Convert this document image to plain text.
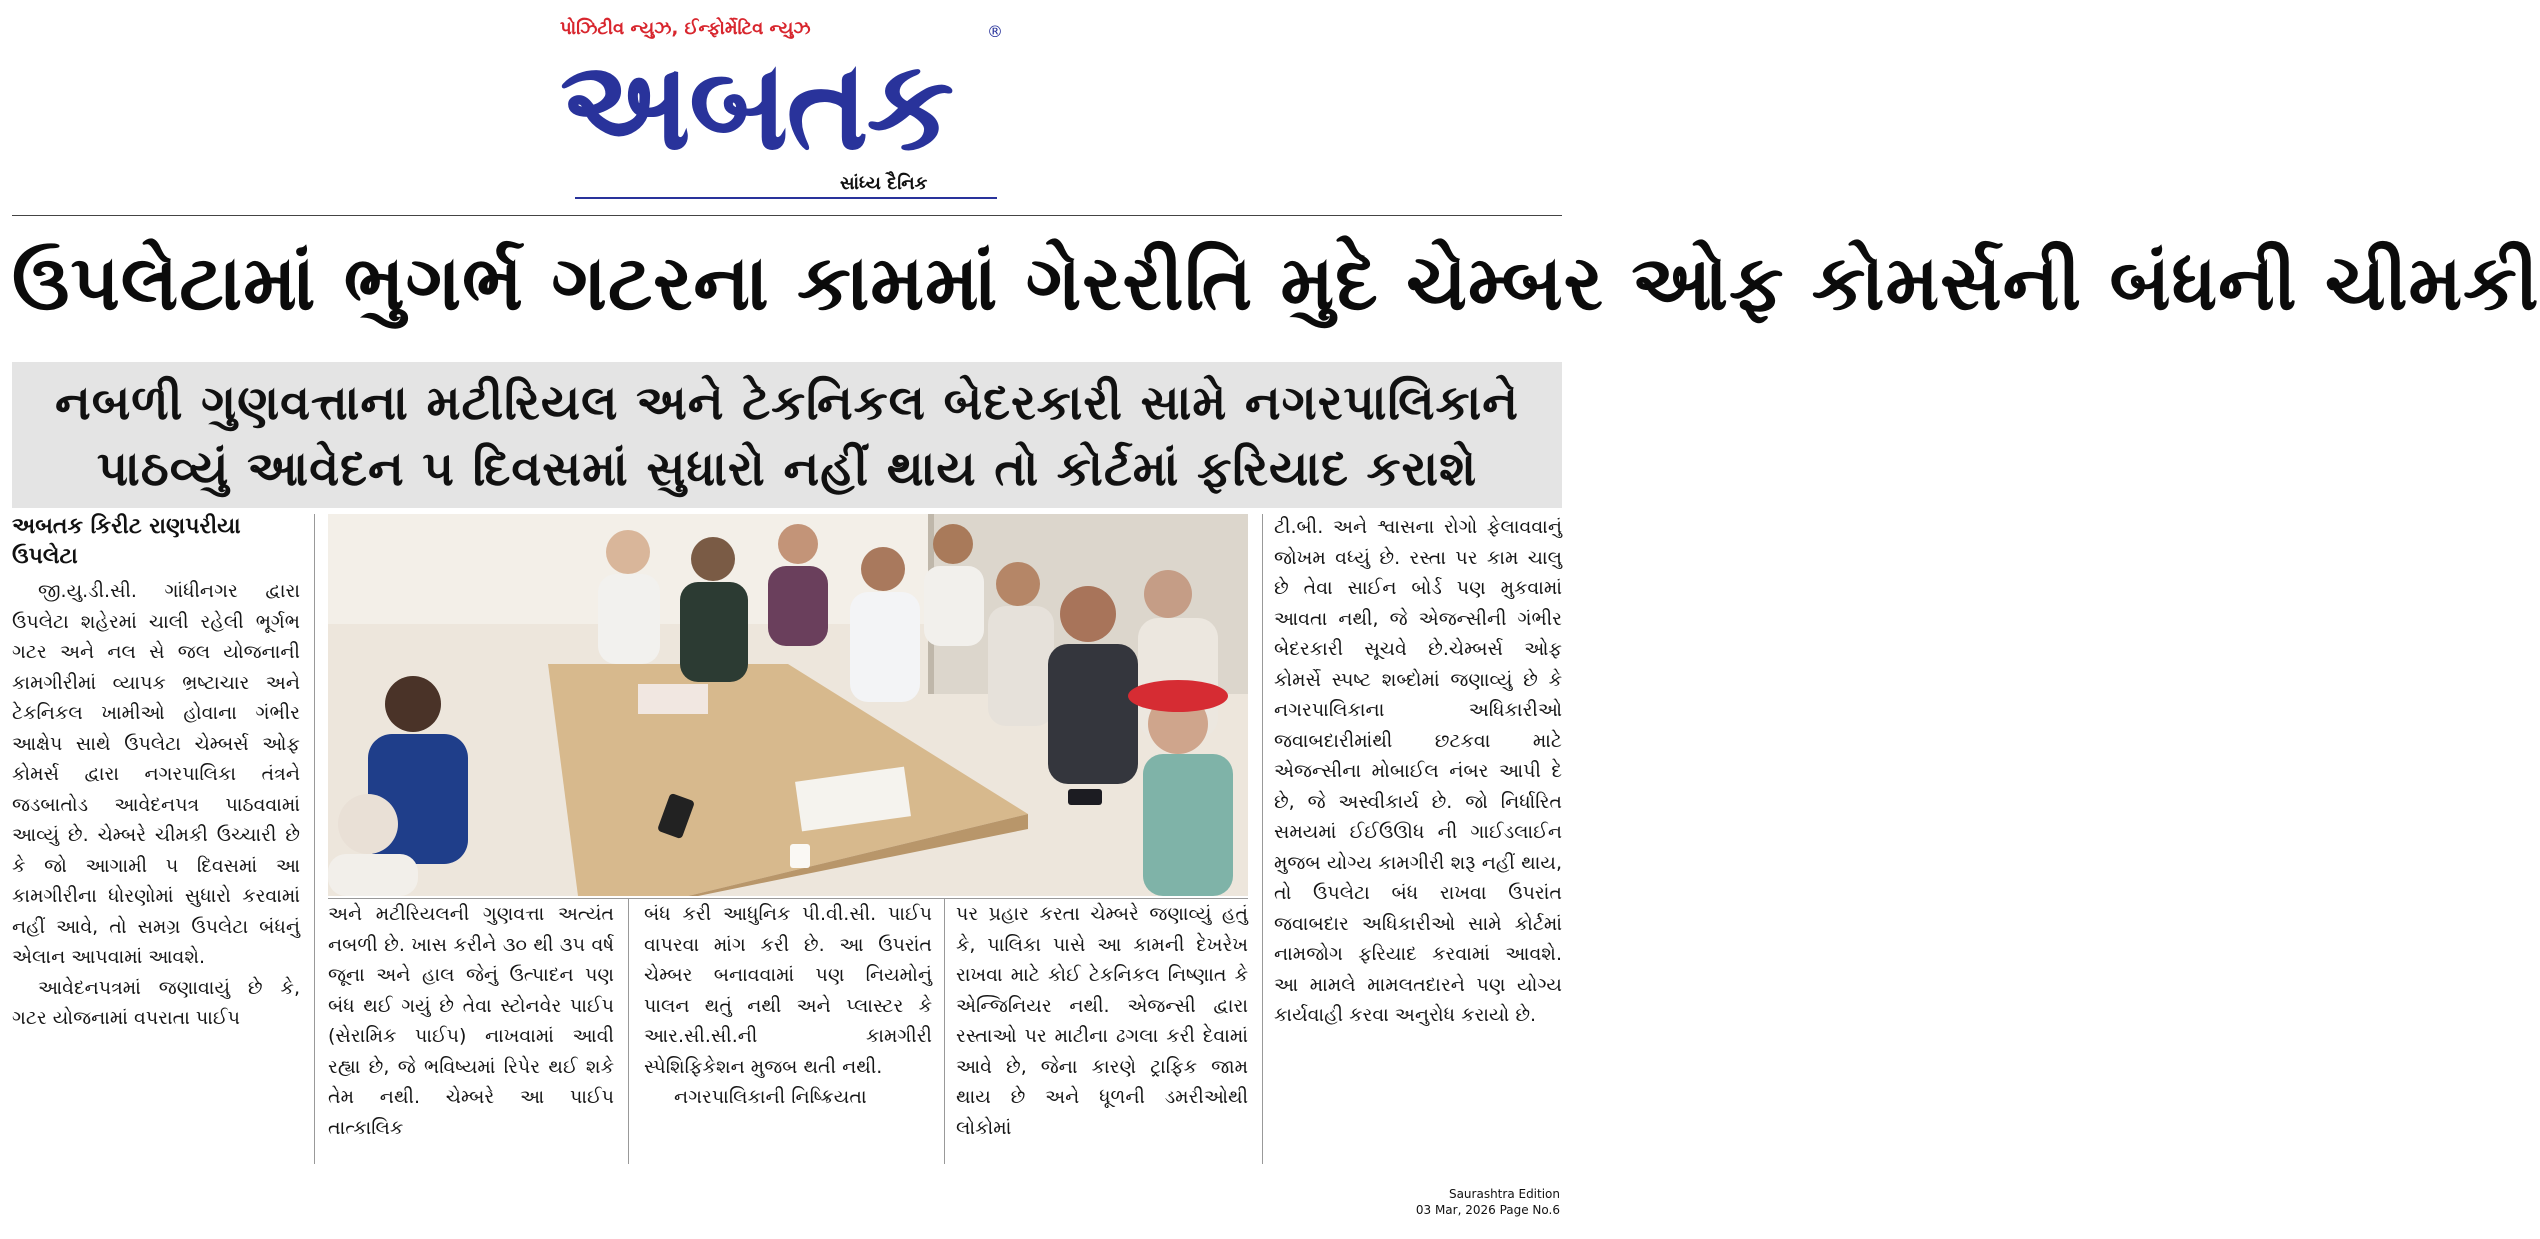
પોઝિટીવ ન્યુઝ, ઈન્ફોર્મેટિવ ન્યુઝ
અબતક
®
સાંધ્ય દૈનિક
ઉપલેટામાં ભુગર્ભ ગટરના કામમાં ગેરરીતિ મુદે ચેમ્બર ઓફ કોમર્સની બંધની ચીમકી
નબળી ગુણવત્તાના મટીરિયલ અને ટેકનિકલ બેદરકારી સામે નગરપાલિકાને
પાઠવ્યું આવેદન ૫ દિવસમાં સુધારો નહીં થાય તો કોર્ટમાં ફરિયાદ કરાશે
અબતક કિરીટ રાણપરીયા
ઉપલેટા

જી.યુ.ડી.સી. ગાંધીનગર દ્વારા ઉપલેટા શહેરમાં ચાલી રહેલી ભૂર્ગભ ગટર અને નલ સે જલ યોજનાની કામગીરીમાં વ્યાપક ભ્રષ્ટાચાર અને ટેકનિકલ ખામીઓ હોવાના ગંભીર આક્ષેપ સાથે ઉપલેટા ચેમ્બર્સ ઓફ કોમર્સ દ્વારા નગરપાલિકા તંત્રને જડબાતોડ આવેદનપત્ર પાઠવવામાં આવ્યું છે. ચેમ્બરે ચીમકી ઉચ્ચારી છે કે જો આગામી ૫ દિવસમાં આ કામગીરીના ધોરણોમાં સુધારો કરવામાં નહીં આવે, તો સમગ્ર ઉપલેટા બંધનું એલાન આપવામાં આવશે.

આવેદનપત્રમાં જણાવાયું છે કે, ગટર યોજનામાં વપરાતા પાઈપ

અને મટીરિયલની ગુણવત્તા અત્યંત નબળી છે. ખાસ કરીને ૩૦ થી ૩૫ વર્ષ જૂના અને હાલ જેનું ઉત્પાદન પણ બંધ થઈ ગયું છે તેવા સ્ટોનવેર પાઈપ (સેરામિક પાઈપ) નાખવામાં આવી રહ્યા છે, જે ભવિષ્યમાં રિપેર થઈ શકે તેમ નથી. ચેમ્બરે આ પાઈપ તાત્કાલિક

બંધ કરી આધુનિક પી.વી.સી. પાઈપ વાપરવા માંગ કરી છે. આ ઉપરાંત ચેમ્બર બનાવવામાં પણ નિયમોનું પાલન થતું નથી અને પ્લાસ્ટર કે આર.સી.સી.ની કામગીરી સ્પેશિફિકેશન મુજબ થતી નથી.

નગરપાલિકાની નિષ્ક્રિયતા

પર પ્રહાર કરતા ચેમ્બરે જણાવ્યું હતું કે, પાલિકા પાસે આ કામની દેખરેખ રાખવા માટે કોઈ ટેકનિકલ નિષ્ણાત કે એન્જિનિયર નથી. એજન્સી દ્વારા રસ્તાઓ પર માટીના ઢગલા કરી દેવામાં આવે છે, જેના કારણે ટ્રાફિક જામ થાય છે અને ધૂળની ડમરીઓથી લોકોમાં

ટી.બી. અને શ્વાસના રોગો ફેલાવવાનું જોખમ વધ્યું છે. રસ્તા પર કામ ચાલુ છે તેવા સાઈન બોર્ડ પણ મુકવામાં આવતા નથી, જે એજન્સીની ગંભીર બેદરકારી સૂચવે છે.ચેમ્બર્સ ઓફ કોમર્સે સ્પષ્ટ શબ્દોમાં જણાવ્યું છે કે નગરપાલિકાના અધિકારીઓ જવાબદારીમાંથી છટકવા માટે એજન્સીના મોબાઈલ નંબર આપી દે છે, જે અસ્વીકાર્ય છે. જો નિર્ધારિત સમયમાં ઈઈઉઊધ ની ગાઈડલાઈન મુજબ યોગ્ય કામગીરી શરૂ નહીં થાય, તો ઉપલેટા બંધ રાખવા ઉપરાંત જવાબદાર અધિકારીઓ સામે કોર્ટમાં નામજોગ ફરિયાદ કરવામાં આવશે. આ મામલે મામલતદારને પણ યોગ્ય કાર્યવાહી કરવા અનુરોધ કરાયો છે.

Saurashtra Edition
03 Mar, 2026 Page No.6
